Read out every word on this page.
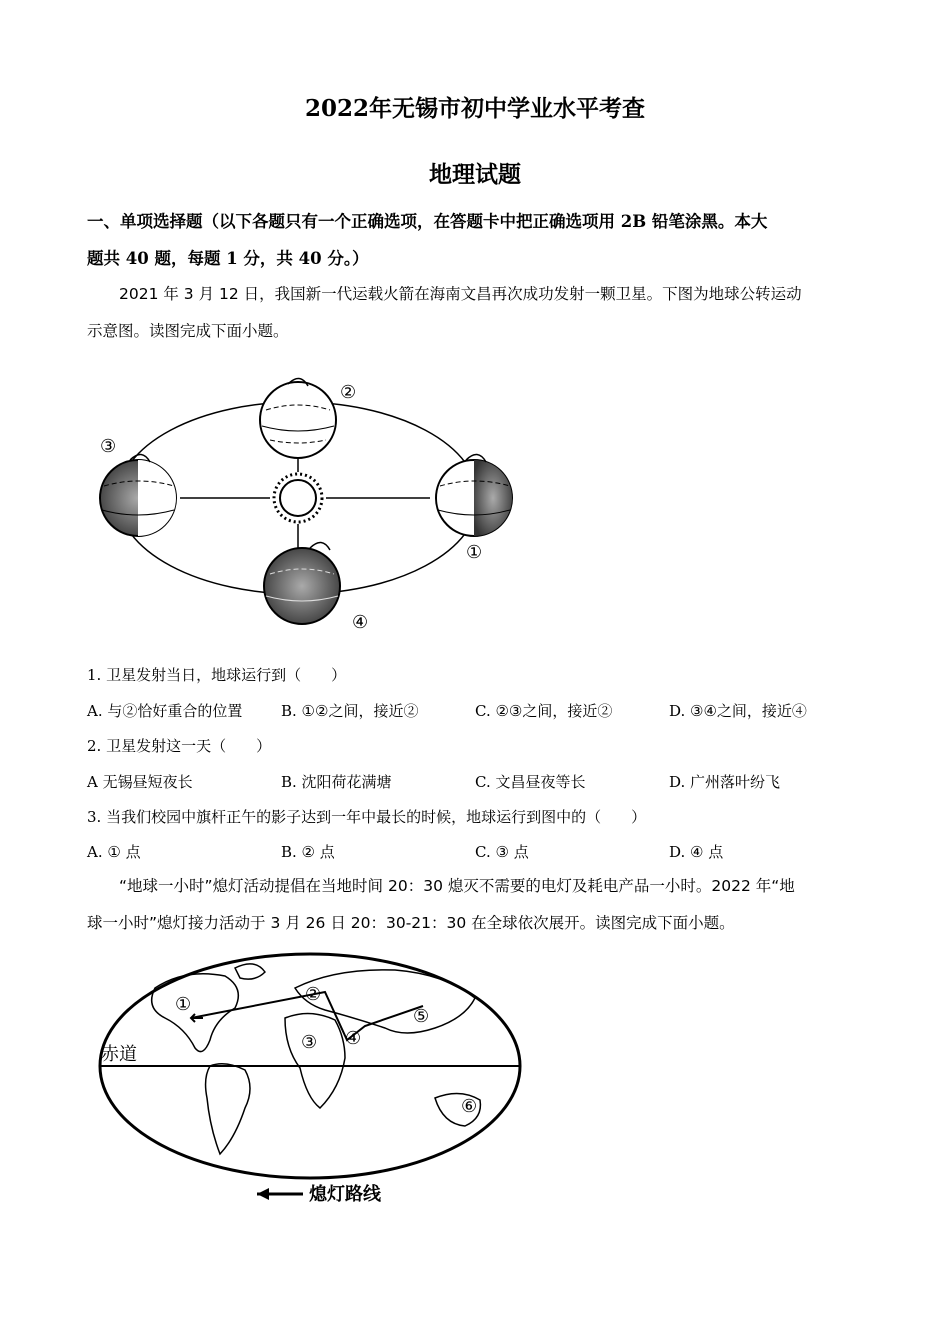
2022年无锡市初中学业水平考查
地理试题
一、单项选择题（以下各题只有一个正确选项，在答题卡中把正确选项用 2B 铅笔涂黑。本大
题共 40 题，每题 1 分，共 40 分。）
2021 年 3 月 12 日，我国新一代运载火箭在海南文昌再次成功发射一颗卫星。下图为地球公转运动
示意图。读图完成下面小题。
②
③
①
④
1. 卫星发射当日，地球运行到（　　）
A. 与②恰好重合的位置	B. ①②之间，接近②	C. ②③之间，接近②	D. ③④之间，接近④
2. 卫星发射这一天（　　）
A 无锡昼短夜长	B. 沈阳荷花满塘	C. 文昌昼夜等长	D. 广州落叶纷飞
3. 当我们校园中旗杆正午的影子达到一年中最长的时候，地球运行到图中的（　　）
A. ① 点	B. ② 点	C. ③ 点	D. ④ 点
“地球一小时”熄灯活动提倡在当地时间 20：30 熄灭不需要的电灯及耗电产品一小时。2022 年“地
球一小时”熄灯接力活动于 3 月 26 日 20：30-21：30 在全球依次展开。读图完成下面小题。
赤道
①	②
③ ④
⑤
⑥
熄灯路线
